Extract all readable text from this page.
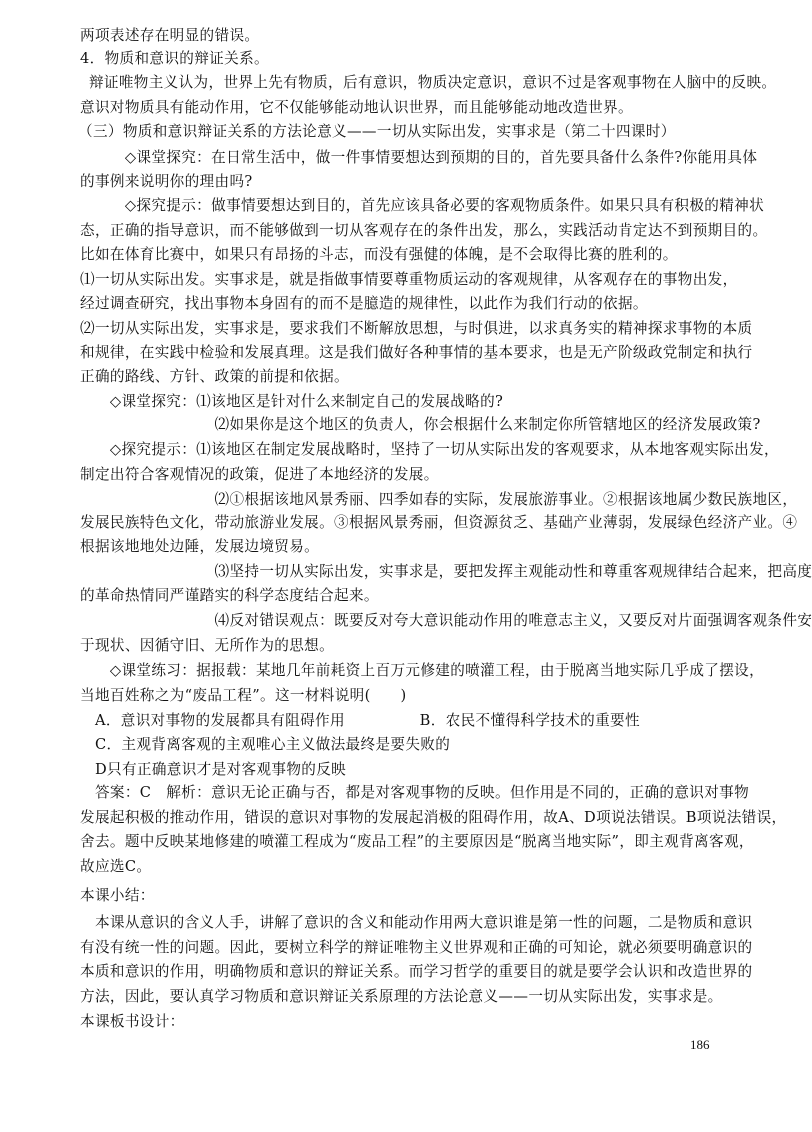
两项表述存在明显的错误。
4．物质和意识的辩证关系。
　辩证唯物主义认为，世界上先有物质，后有意识，物质决定意识，意识不过是客观事物在人脑中的反映。
意识对物质具有能动作用，它不仅能够能动地认识世界，而且能够能动地改造世界。
（三）物质和意识辩证关系的方法论意义——一切从实际出发，实事求是（第二十四课时）
　　　◇课堂探究：在日常生活中，做一件事情要想达到预期的目的，首先要具备什么条件?你能用具体
的事例来说明你的理由吗?
　　　◇探究提示：做事情要想达到目的，首先应该具备必要的客观物质条件。如果只具有积极的精神状
态，正确的指导意识，而不能够做到一切从客观存在的条件出发，那么，实践活动肯定达不到预期目的。
比如在体育比赛中，如果只有昂扬的斗志，而没有强健的体魄，是不会取得比赛的胜利的。
⑴一切从实际出发。实事求是，就是指做事情要尊重物质运动的客观规律，从客观存在的事物出发，
经过调查研究，找出事物本身固有的而不是臆造的规律性，以此作为我们行动的依据。
⑵一切从实际出发，实事求是，要求我们不断解放思想，与时俱进，以求真务实的精神探求事物的本质
和规律，在实践中检验和发展真理。这是我们做好各种事情的基本要求，也是无产阶级政党制定和执行
正确的路线、方针、政策的前提和依据。
　　◇课堂探究：⑴该地区是针对什么来制定自己的发展战略的?
　　　　　　　　　⑵如果你是这个地区的负责人，你会根据什么来制定你所管辖地区的经济发展政策?
　　◇探究提示：⑴该地区在制定发展战略时，坚持了一切从实际出发的客观要求，从本地客观实际出发，
制定出符合客观情况的政策，促进了本地经济的发展。
　　　　　　　　　⑵①根据该地风景秀丽、四季如春的实际，发展旅游事业。②根据该地属少数民族地区，
发展民族特色文化，带动旅游业发展。③根据风景秀丽，但资源贫乏、基础产业薄弱，发展绿色经济产业。④
根据该地地处边陲，发展边境贸易。
　　　　　　　　　⑶坚持一切从实际出发，实事求是，要把发挥主观能动性和尊重客观规律结合起来，把高度
的革命热情同严谨踏实的科学态度结合起来。
　　　　　　　　　⑷反对错误观点：既要反对夸大意识能动作用的唯意志主义，又要反对片面强调客观条件安
于现状、因循守旧、无所作为的思想。
　　◇课堂练习：据报载：某地几年前耗资上百万元修建的喷灌工程，由于脱离当地实际几乎成了摆设，
当地百姓称之为“废品工程”。这一材料说明(　　)
　A．意识对事物的发展都具有阻碍作用　　　　　B．农民不懂得科学技术的重要性
　C．主观背离客观的主观唯心主义做法最终是要失败的
　D只有正确意识才是对客观事物的反映
　答案：C　解析：意识无论正确与否，都是对客观事物的反映。但作用是不同的，正确的意识对事物
发展起积极的推动作用，错误的意识对事物的发展起消极的阻碍作用，故A、D项说法错误。B项说法错误，
舍去。题中反映某地修建的喷灌工程成为“废品工程”的主要原因是“脱离当地实际”，即主观背离客观，
故应选C。
本课小结：
　本课从意识的含义人手，讲解了意识的含义和能动作用两大意识谁是第一性的问题，二是物质和意识
有没有统一性的问题。因此，要树立科学的辩证唯物主义世界观和正确的可知论，就必须要明确意识的
本质和意识的作用，明确物质和意识的辩证关系。而学习哲学的重要目的就是要学会认识和改造世界的
方法，因此，要认真学习物质和意识辩证关系原理的方法论意义——一切从实际出发，实事求是。
本课板书设计：
186
